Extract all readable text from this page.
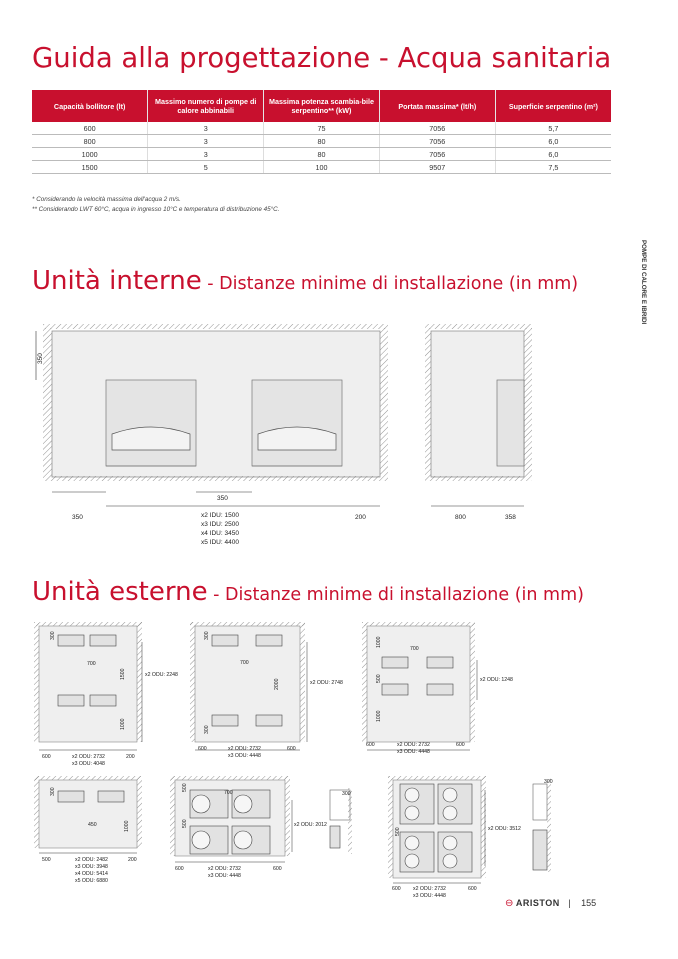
Guida alla progettazione - Acqua sanitaria
Capacità bollitore (lt)	Massimo numero di pompe di calore abbinabili	Massima potenza scambia-bile serpentino** (kW)	Portata massima* (lt/h)	Superficie serpentino (m²)
600	3	75	7056	5,7
800	3	80	7056	6,0
1000	3	80	7056	6,0
1500	5	100	9507	7,5
* Considerando la velocità massima dell'acqua 2 m/s.
** Considerando LWT 60°C, acqua in ingresso 10°C e temperatura di distribuzione 45°C.
POMPE DI CALORE E IBRIDI
Unità interne - Distanze minime di installazione (in mm)
Unità esterne - Distanze minime di installazione (in mm)
350
350
350	200
x2 IDU: 1500
x3 IDU: 2500
x4 IDU: 3450
x5 IDU: 4400
800	358
300
700
1500
1000
x2 ODU: 2248
600	200
x2 ODU: 2732
x3 ODU: 4048
300
700
2000
300
x2 ODU: 2748
600	600
x2 ODU: 2732
x3 ODU: 4448
1000
700
500
1000
x2 ODU: 1248
600	600
x2 ODU: 2732
x3 ODU: 4448
300
450	1000
500	200
x2 ODU: 2482
x3 ODU: 3948
x4 ODU: 5414
x5 ODU: 6880
500
700
500	x2 ODU: 2012
300
600	600
x2 ODU: 2732
x3 ODU: 4448
500	x2 ODU: 3512
300
600	600
x2 ODU: 2732
x3 ODU: 4448
⊖ ARISTON | 155
